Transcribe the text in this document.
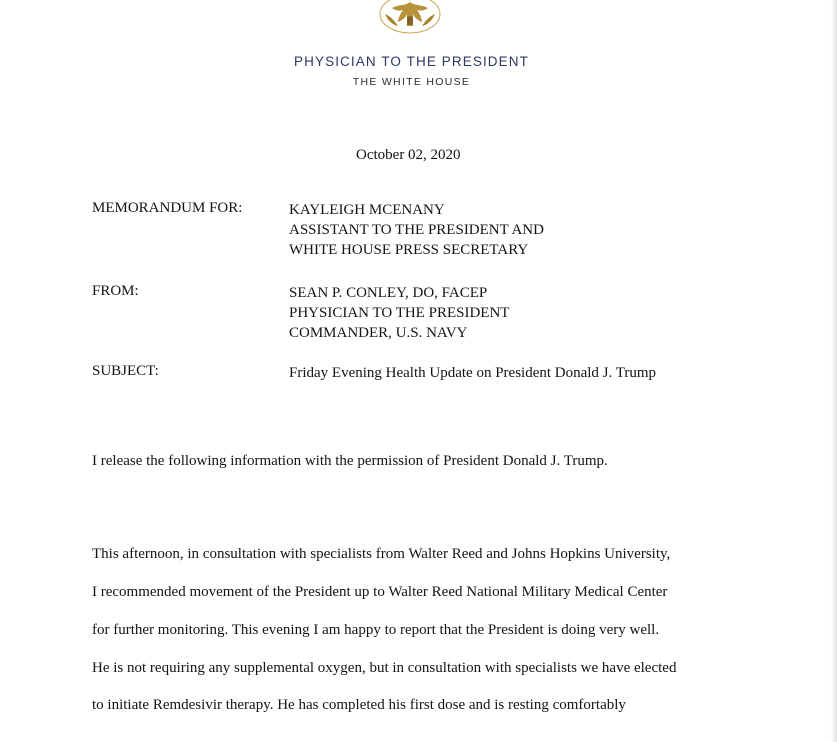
PHYSICIAN TO THE PRESIDENT
THE WHITE HOUSE
October 02, 2020
MEMORANDUM FOR:	KAYLEIGH MCENANY
ASSISTANT TO THE PRESIDENT AND
WHITE HOUSE PRESS SECRETARY
FROM:	SEAN P. CONLEY, DO, FACEP
PHYSICIAN TO THE PRESIDENT
COMMANDER, U.S. NAVY
SUBJECT:	Friday Evening Health Update on President Donald J. Trump
I release the following information with the permission of President Donald J. Trump.
This afternoon, in consultation with specialists from Walter Reed and Johns Hopkins University,
I recommended movement of the President up to Walter Reed National Military Medical Center
for further monitoring. This evening I am happy to report that the President is doing very well.
He is not requiring any supplemental oxygen, but in consultation with specialists we have elected
to initiate Remdesivir therapy. He has completed his first dose and is resting comfortably
